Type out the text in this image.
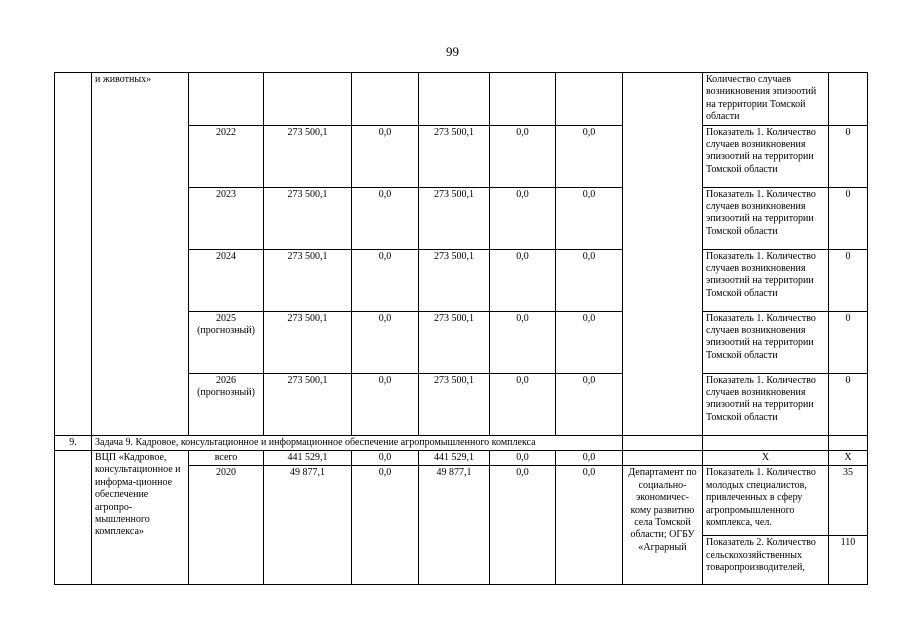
99
	и животных»								Количество случаев возникновения эпизоотий на территории Томской области	
		2022	273 500,1	0,0	273 500,1	0,0	0,0		Показатель 1. Количество случаев возникновения эпизоотий на территории Томской области	0
		2023	273 500,1	0,0	273 500,1	0,0	0,0		Показатель 1. Количество случаев возникновения эпизоотий на территории Томской области	0
		2024	273 500,1	0,0	273 500,1	0,0	0,0		Показатель 1. Количество случаев возникновения эпизоотий на территории Томской области	0
		2025 (прогнозный)	273 500,1	0,0	273 500,1	0,0	0,0		Показатель 1. Количество случаев возникновения эпизоотий на территории Томской области	0
		2026 (прогнозный)	273 500,1	0,0	273 500,1	0,0	0,0		Показатель 1. Количество случаев возникновения эпизоотий на территории Томской области	0
9.	Задача 9. Кадровое, консультационное и информационное обеспечение агропромышленного комплекса									
	ВЦП «Кадровое, консультационное и информа-ционное обеспечение агропро-мышленного комплекса»	всего	441 529,1	0,0	441 529,1	0,0	0,0		Х	Х
		2020	49 877,1	0,0	49 877,1	0,0	0,0	Департамент по социально-экономичес-кому развитию села Томской области; ОГБУ «Аграрный	Показатель 1. Количество молодых специалистов, привлеченных в сферу агропромышленного комплекса, чел.	35
									Показатель 2. Количество сельскохозяйственных товаропроизводителей,	110
